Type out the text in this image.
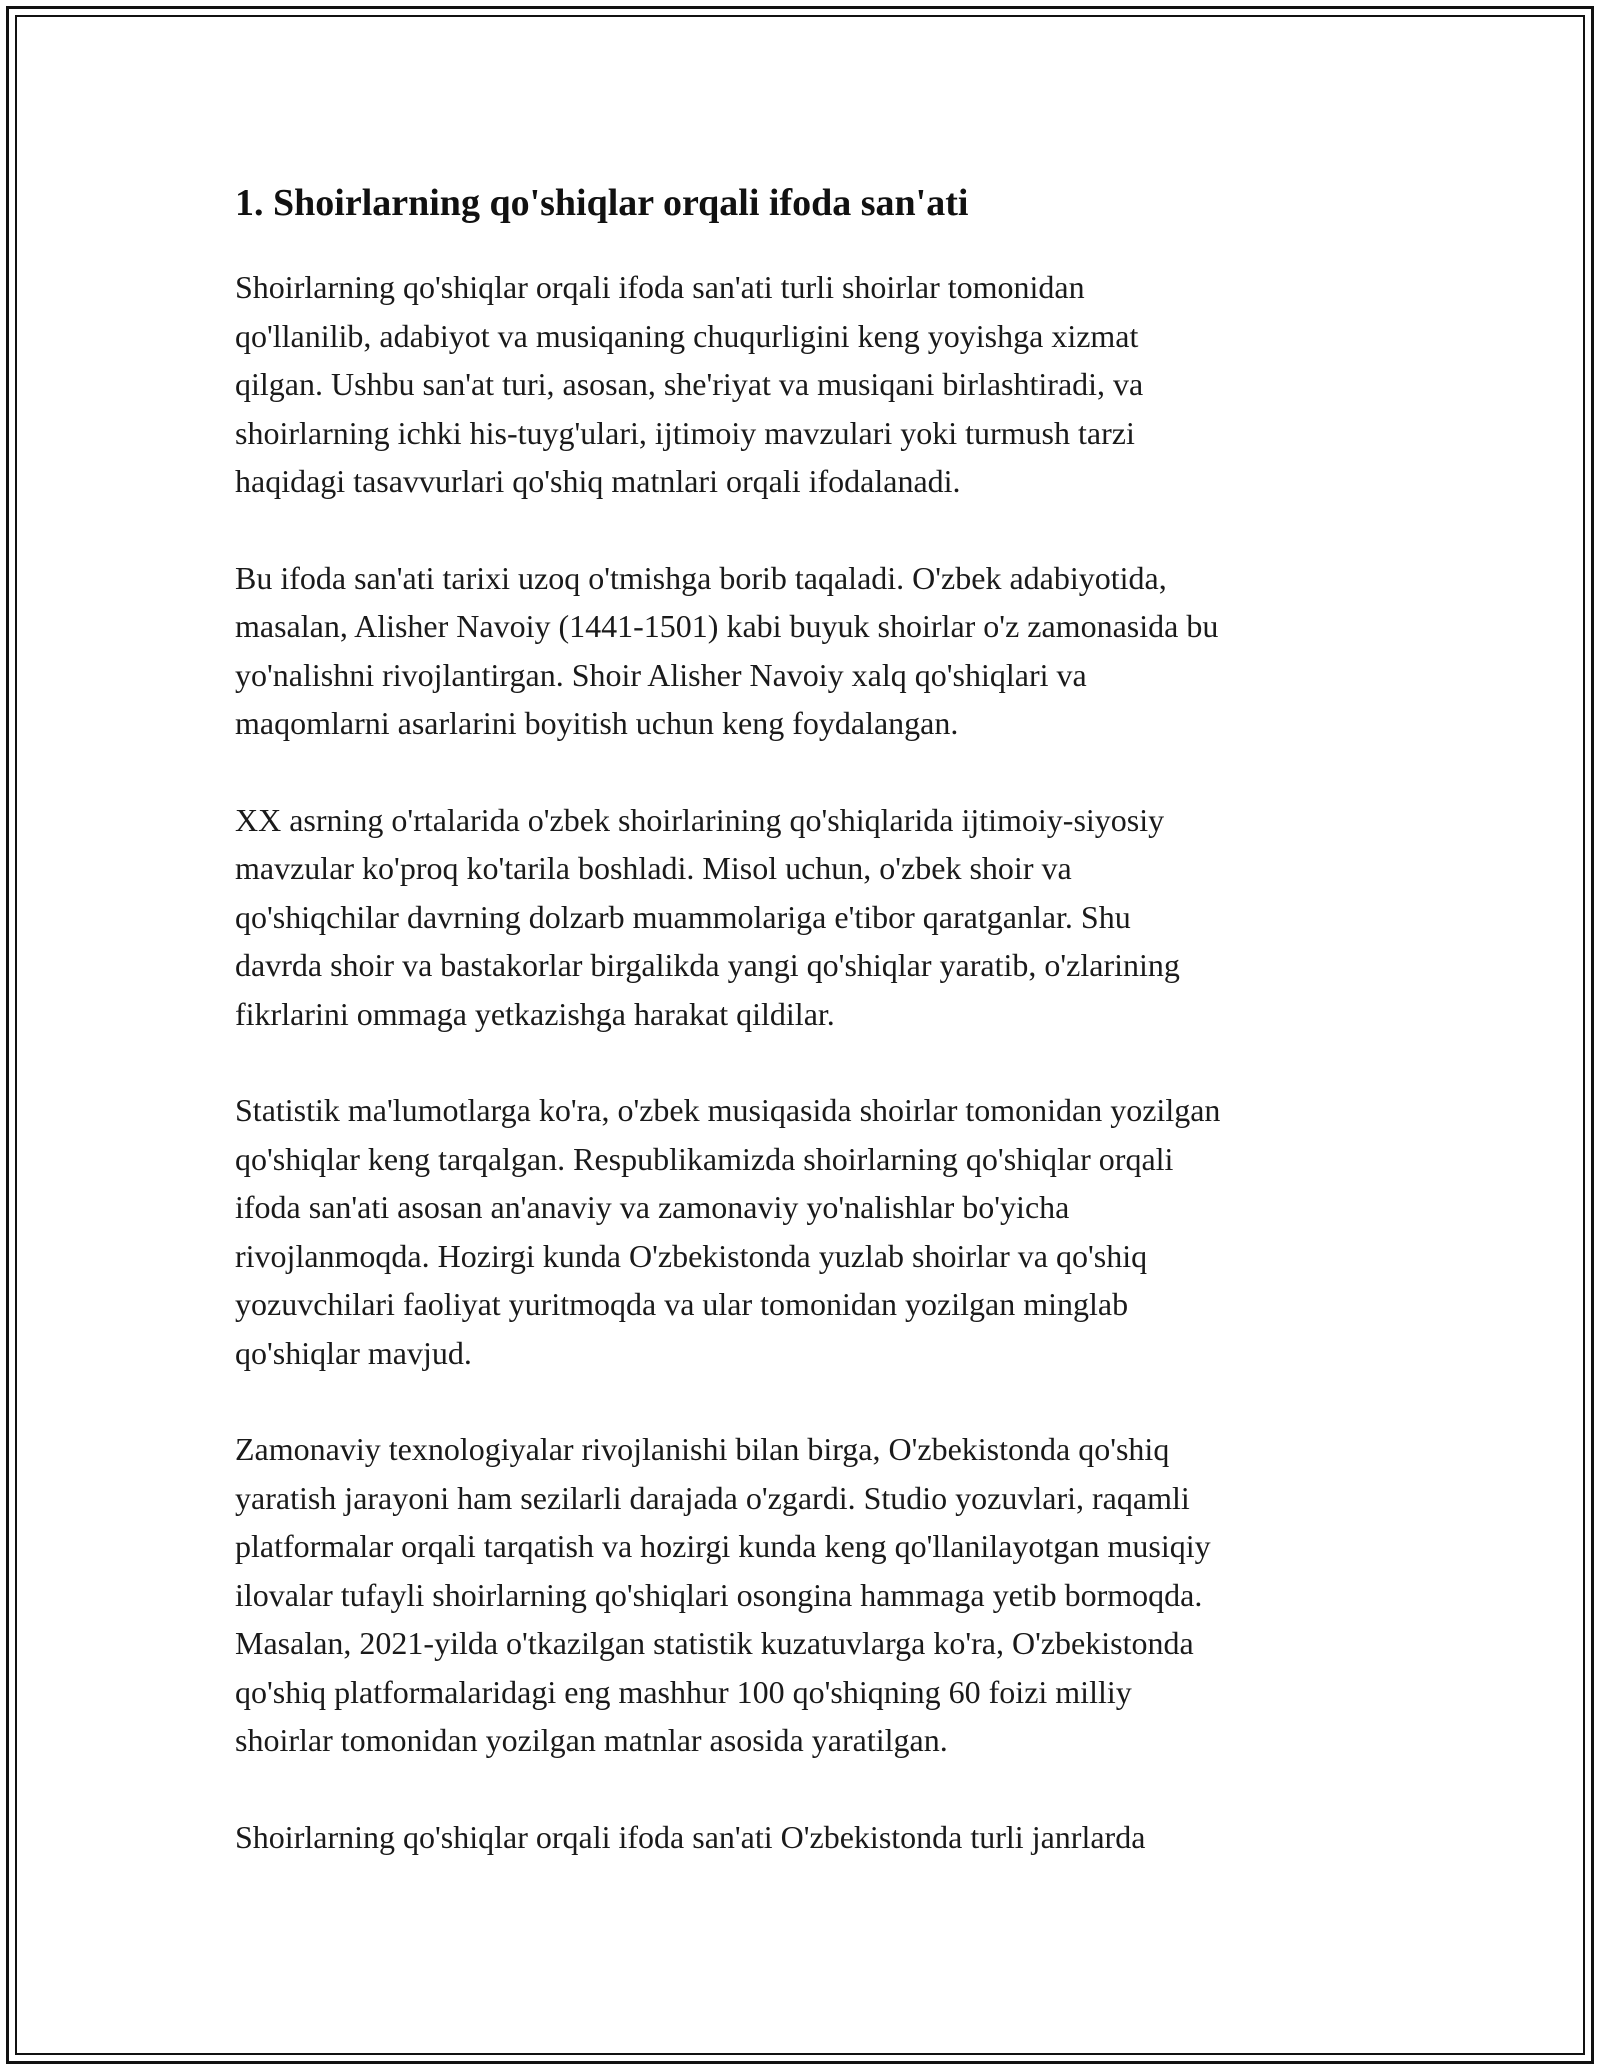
1. Shoirlarning qo'shiqlar orqali ifoda san'ati

Shoirlarning qo'shiqlar orqali ifoda san'ati turli shoirlar tomonidan
qo'llanilib, adabiyot va musiqaning chuqurligini keng yoyishga xizmat
qilgan. Ushbu san'at turi, asosan, she'riyat va musiqani birlashtiradi, va
shoirlarning ichki his-tuyg'ulari, ijtimoiy mavzulari yoki turmush tarzi
haqidagi tasavvurlari qo'shiq matnlari orqali ifodalanadi.

Bu ifoda san'ati tarixi uzoq o'tmishga borib taqaladi. O'zbek adabiyotida,
masalan, Alisher Navoiy (1441-1501) kabi buyuk shoirlar o'z zamonasida bu
yo'nalishni rivojlantirgan. Shoir Alisher Navoiy xalq qo'shiqlari va
maqomlarni asarlarini boyitish uchun keng foydalangan.

XX asrning o'rtalarida o'zbek shoirlarining qo'shiqlarida ijtimoiy-siyosiy
mavzular ko'proq ko'tarila boshladi. Misol uchun, o'zbek shoir va
qo'shiqchilar davrning dolzarb muammolariga e'tibor qaratganlar. Shu
davrda shoir va bastakorlar birgalikda yangi qo'shiqlar yaratib, o'zlarining
fikrlarini ommaga yetkazishga harakat qildilar.

Statistik ma'lumotlarga ko'ra, o'zbek musiqasida shoirlar tomonidan yozilgan
qo'shiqlar keng tarqalgan. Respublikamizda shoirlarning qo'shiqlar orqali
ifoda san'ati asosan an'anaviy va zamonaviy yo'nalishlar bo'yicha
rivojlanmoqda. Hozirgi kunda O'zbekistonda yuzlab shoirlar va qo'shiq
yozuvchilari faoliyat yuritmoqda va ular tomonidan yozilgan minglab
qo'shiqlar mavjud.

Zamonaviy texnologiyalar rivojlanishi bilan birga, O'zbekistonda qo'shiq
yaratish jarayoni ham sezilarli darajada o'zgardi. Studio yozuvlari, raqamli
platformalar orqali tarqatish va hozirgi kunda keng qo'llanilayotgan musiqiy
ilovalar tufayli shoirlarning qo'shiqlari osongina hammaga yetib bormoqda.
Masalan, 2021-yilda o'tkazilgan statistik kuzatuvlarga ko'ra, O'zbekistonda
qo'shiq platformalaridagi eng mashhur 100 qo'shiqning 60 foizi milliy
shoirlar tomonidan yozilgan matnlar asosida yaratilgan.

Shoirlarning qo'shiqlar orqali ifoda san'ati O'zbekistonda turli janrlarda
